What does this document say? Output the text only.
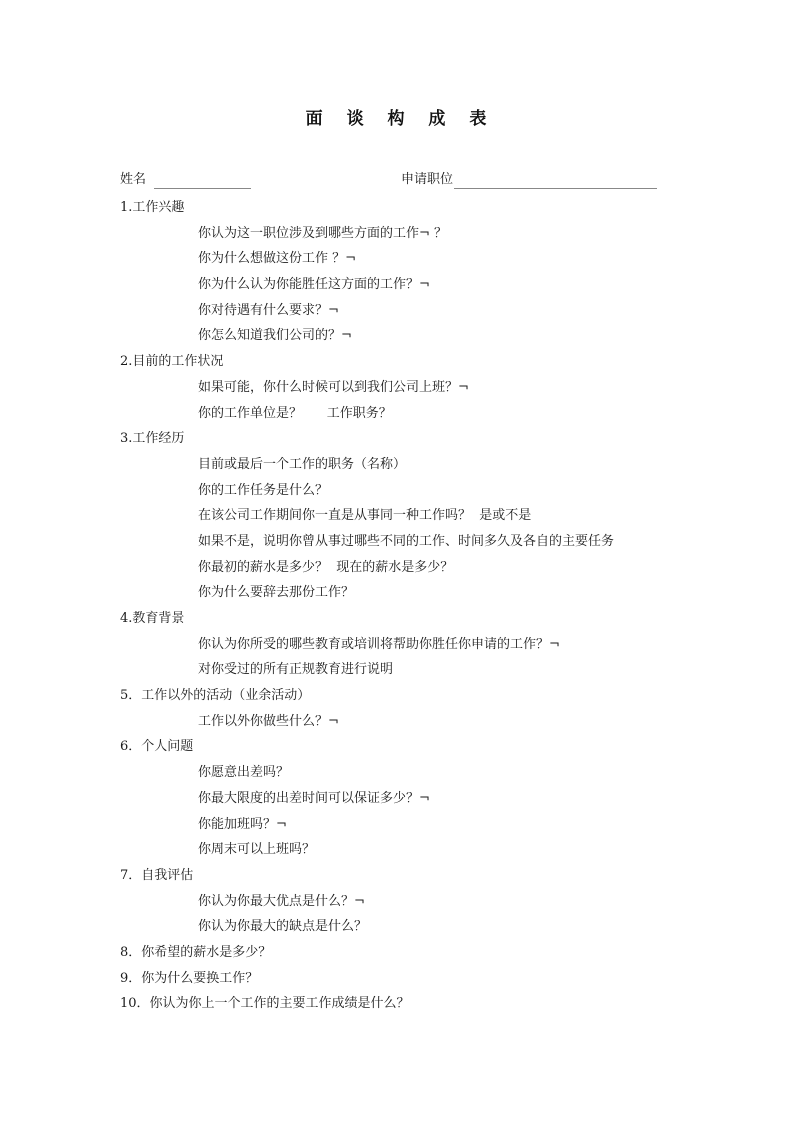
面 谈 构 成 表
姓名	申请职位
1.工作兴趣
你认为这一职位涉及到哪些方面的工作¬ ？
你为什么想做这份工作 ？¬
你为什么认为你能胜任这方面的工作？¬
你对待遇有什么要求？¬
你怎么知道我们公司的？¬
2.目前的工作状况
如果可能，你什么时候可以到我们公司上班？¬
你的工作单位是？      工作职务？
3.工作经历
目前或最后一个工作的职务（名称）
你的工作任务是什么？
在该公司工作期间你一直是从事同一种工作吗？  是或不是
如果不是，说明你曾从事过哪些不同的工作、时间多久及各自的主要任务
你最初的薪水是多少？  现在的薪水是多少？
你为什么要辞去那份工作？
4.教育背景
你认为你所受的哪些教育或培训将帮助你胜任你申请的工作？¬
对你受过的所有正规教育进行说明
5．工作以外的活动（业余活动）
工作以外你做些什么？¬
6．个人问题
你愿意出差吗？
你最大限度的出差时间可以保证多少？¬
你能加班吗？¬
你周末可以上班吗？
7．自我评估
你认为你最大优点是什么？¬
你认为你最大的缺点是什么？
8．你希望的薪水是多少？
9．你为什么要换工作？
10．你认为你上一个工作的主要工作成绩是什么？
